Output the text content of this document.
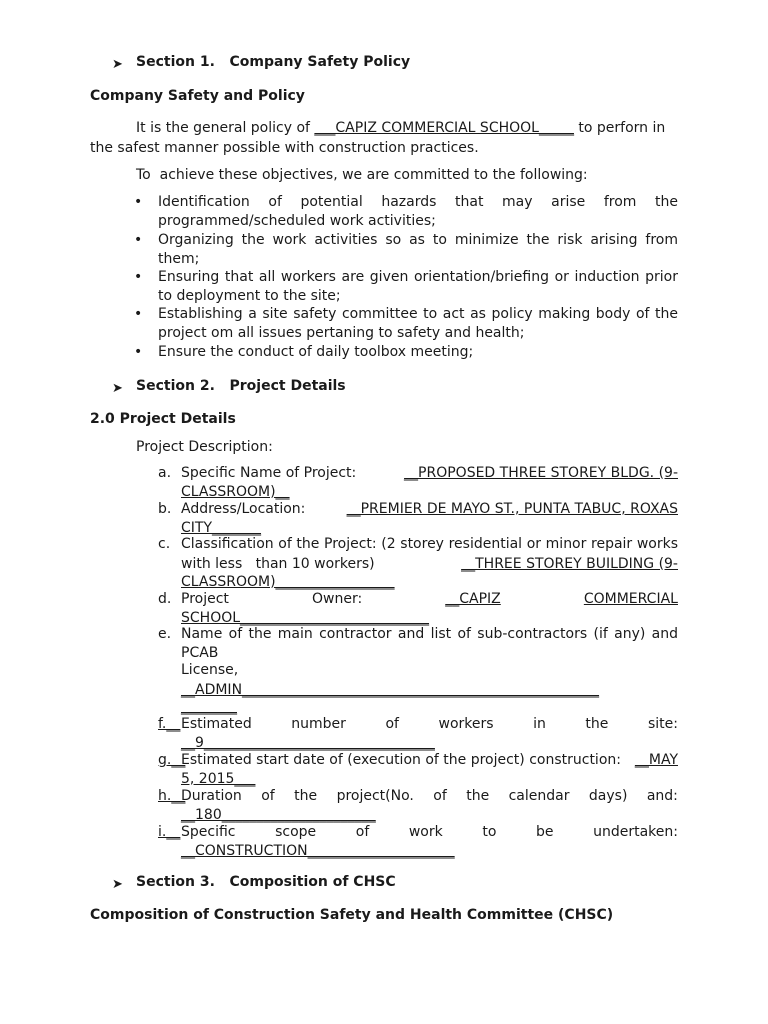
➤ Section 1.   Company Safety Policy
Company Safety and Policy
It is the general policy of ___CAPIZ COMMERCIAL SCHOOL_____ to perforn in
the safest manner possible with construction practices.
To  achieve these objectives, we are committed to the following:
• Identification  of  potential  hazards  that  may  arise  from  the
programmed/scheduled work activities;
• Organizing the work activities so as to minimize the risk arising from
them;
• Ensuring that all workers are given orientation/briefing or induction prior
to deployment to the site;
• Establishing a site safety committee to act as policy making body of the
project om all issues pertaning to safety and health;
• Ensure the conduct of daily toolbox meeting;
➤ Section 2.   Project Details
2.0 Project Details
Project Description:
a. Specific Name of Project:	__PROPOSED THREE STOREY BLDG. (9-
CLASSROOM)__
b. Address/Location:	__PREMIER DE MAYO ST., PUNTA TABUC, ROXAS
CITY_______
c. Classification of the Project: (2 storey residential or minor repair works
with less   than 10 workers)	__THREE STOREY BUILDING (9-
CLASSROOM)_________________
d. Project	Owner:	__CAPIZ	COMMERCIAL
SCHOOL___________________________
e. Name of the main contractor and list of sub-contractors (if any) and
PCAB
License,
__ADMIN___________________________________________________
________
f.__ Estimated	number	of	workers	in	the	site:
__9_________________________________
g.__
Estimated start date of (execution of the project) construction: __MAY
5, 2015___
h.__
Duration of the project(No. of the calendar days) and:
__180______________________
i.__ Specific	scope	of	work	to	be	undertaken:
__CONSTRUCTION_____________________
➤ Section 3.   Composition of CHSC
Composition of Construction Safety and Health Committee (CHSC)
